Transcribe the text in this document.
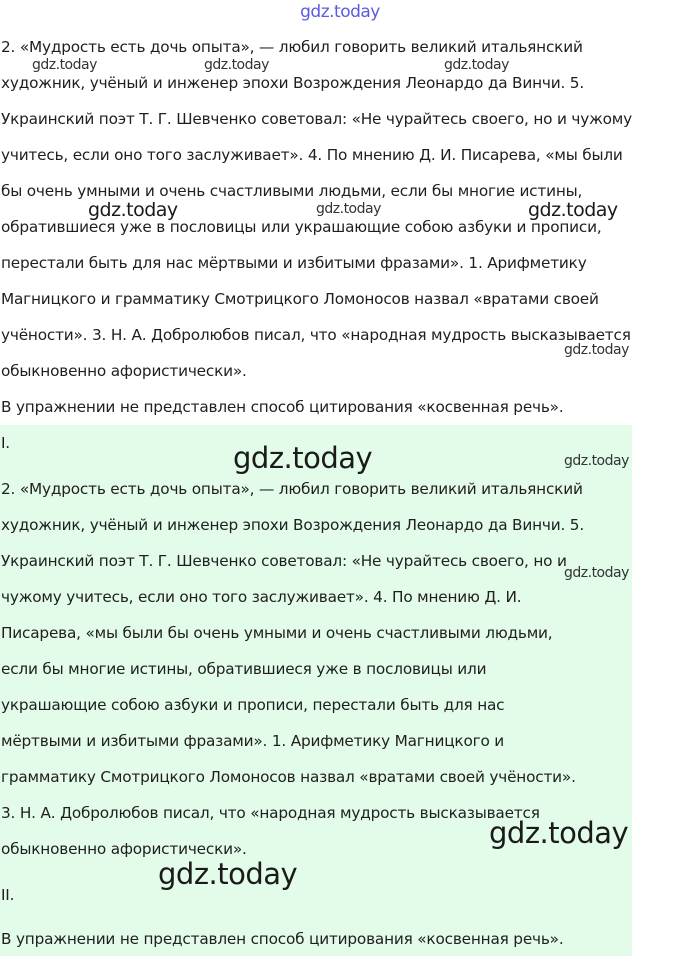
gdz.today
2. «Мудрость есть дочь опыта», — любил говорить великий итальянский
художник, учёный и инженер эпохи Возрождения Леонардо да Винчи. 5.
Украинский поэт Т. Г. Шевченко советовал: «Не чурайтесь своего, но и чужому
учитесь, если оно того заслуживает». 4. По мнению Д. И. Писарева, «мы были
бы очень умными и очень счастливыми людьми, если бы многие истины,
обратившиеся уже в пословицы или украшающие собою азбуки и прописи,
перестали быть для нас мёртвыми и избитыми фразами». 1. Арифметику
Магницкого и грамматику Смотрицкого Ломоносов назвал «вратами своей
учёности». 3. Н. А. Добролюбов писал, что «народная мудрость высказывается
обыкновенно афористически».
В упражнении не представлен способ цитирования «косвенная речь».
I.
2. «Мудрость есть дочь опыта», — любил говорить великий итальянский
художник, учёный и инженер эпохи Возрождения Леонардо да Винчи. 5.
Украинский поэт Т. Г. Шевченко советовал: «Не чурайтесь своего, но и
чужому учитесь, если оно того заслуживает». 4. По мнению Д. И.
Писарева, «мы были бы очень умными и очень счастливыми людьми,
если бы многие истины, обратившиеся уже в пословицы или
украшающие собою азбуки и прописи, перестали быть для нас
мёртвыми и избитыми фразами». 1. Арифметику Магницкого и
грамматику Смотрицкого Ломоносов назвал «вратами своей учёности».
3. Н. А. Добролюбов писал, что «народная мудрость высказывается
обыкновенно афористически».
II.
В упражнении не представлен способ цитирования «косвенная речь».
gdz.today	gdz.today	gdz.today
gdz.today	gdz.today	gdz.today
gdz.today
gdz.today	gdz.today
gdz.today
gdz.today
gdz.today
